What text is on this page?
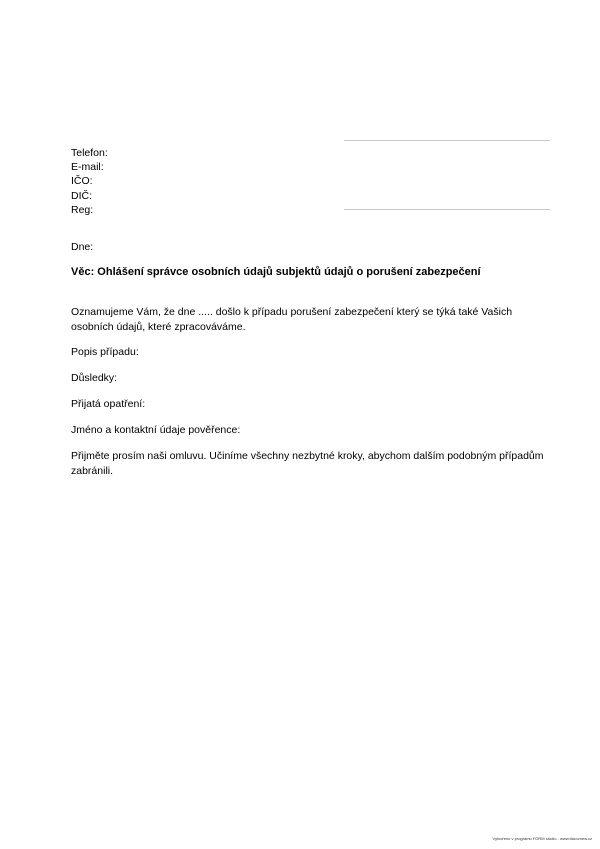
Telefon:
E-mail:
IČO:
DIČ:
Reg:
Dne:
Věc: Ohlášení správce osobních údajů subjektů údajů o porušení zabezpečení
Oznamujeme Vám, že dne ..... došlo k případu porušení zabezpečení který se týká také Vašich osobních údajů, které zpracováváme.
Popis případu:
Důsledky:
Přijatá opatření:
Jméno a kontaktní údaje pověřence:
Přijměte prosím naši omluvu. Učiníme všechny nezbytné kroky, abychom dalším podobným případům zabránili.
Vytvořeno v programu FORM studio - www.tiskovnew.cz
